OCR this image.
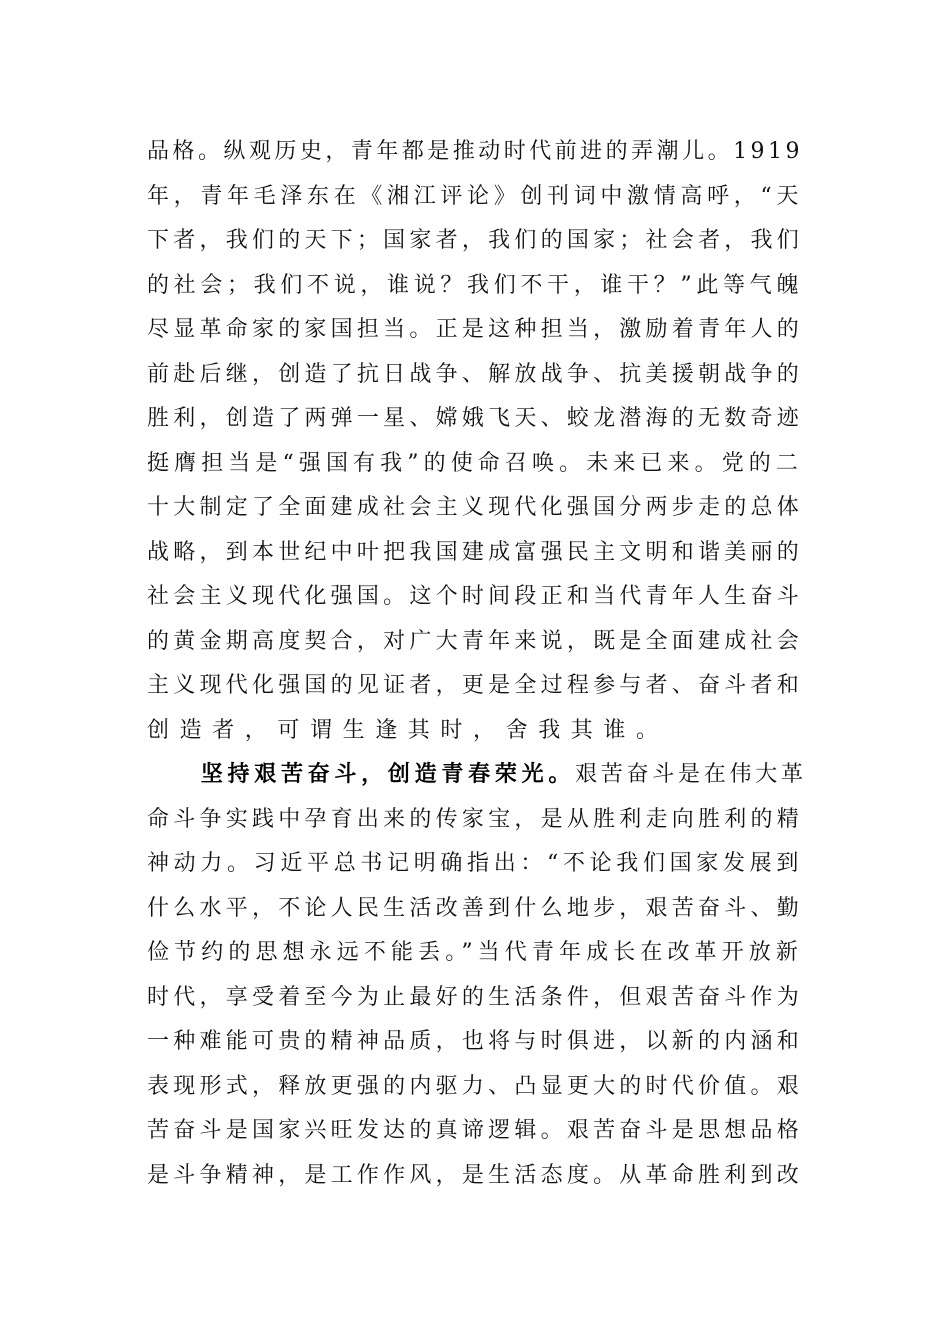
品格。纵观历史，青年都是推动时代前进的弄潮儿。1919
年，青年毛泽东在《湘江评论》创刊词中激情高呼，“天
下者，我们的天下；国家者，我们的国家；社会者，我们
的社会；我们不说，谁说？我们不干，谁干？”此等气魄
尽显革命家的家国担当。正是这种担当，激励着青年人的
前赴后继，创造了抗日战争、解放战争、抗美援朝战争的
胜利，创造了两弹一星、嫦娥飞天、蛟龙潜海的无数奇迹
挺膺担当是“强国有我”的使命召唤。未来已来。党的二
十大制定了全面建成社会主义现代化强国分两步走的总体
战略，到本世纪中叶把我国建成富强民主文明和谐美丽的
社会主义现代化强国。这个时间段正和当代青年人生奋斗
的黄金期高度契合，对广大青年来说，既是全面建成社会
主义现代化强国的见证者，更是全过程参与者、奋斗者和
创造者，可谓生逢其时，舍我其谁。
坚持艰苦奋斗，创造青春荣光。艰苦奋斗是在伟大革
命斗争实践中孕育出来的传家宝，是从胜利走向胜利的精
神动力。习近平总书记明确指出：“不论我们国家发展到
什么水平，不论人民生活改善到什么地步，艰苦奋斗、勤
俭节约的思想永远不能丢。”当代青年成长在改革开放新
时代，享受着至今为止最好的生活条件，但艰苦奋斗作为
一种难能可贵的精神品质，也将与时俱进，以新的内涵和
表现形式，释放更强的内驱力、凸显更大的时代价值。艰
苦奋斗是国家兴旺发达的真谛逻辑。艰苦奋斗是思想品格
是斗争精神，是工作作风，是生活态度。从革命胜利到改
